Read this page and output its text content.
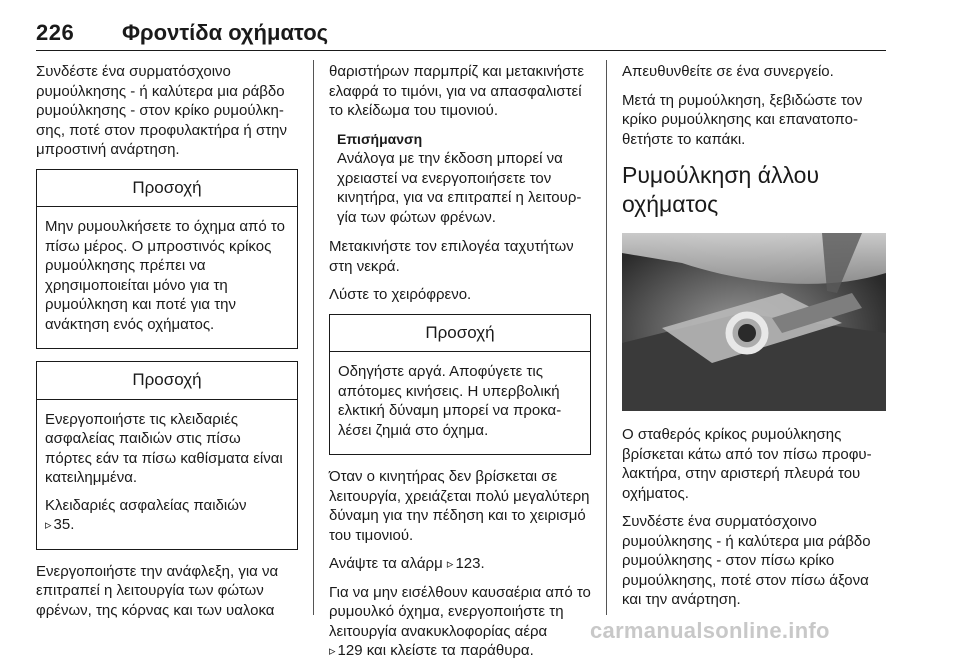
226 Φροντίδα οχήματος

Συνδέστε ένα συρματόσχοινο ρυμούλκησης - ή καλύτερα μια ράβδο ρυμούλκησης - στον κρίκο ρυμούλκησης, ποτέ στον προφυλακτήρα ή στην μπροστινή ανάρτηση.

Προσοχή

Μην ρυμουλκήσετε το όχημα από το πίσω μέρος. Ο μπροστινός κρίκος ρυμούλκησης πρέπει να χρησιμοποιείται μόνο για τη ρυμούλκηση και ποτέ για την ανάκτηση ενός οχήματος.

Προσοχή

Ενεργοποιήστε τις κλειδαριές ασφαλείας παιδιών στις πίσω πόρτες εάν τα πίσω καθίσματα είναι κατειλημμένα.

Κλειδαριές ασφαλείας παιδιών
▹ 35.

Ενεργοποιήστε την ανάφλεξη, για να επιτραπεί η λειτουργία των φώτων φρένων, της κόρνας και των υαλοκα

θαριστήρων παρμπρίζ και μετακινήστε ελαφρά το τιμόνι, για να απασφαλιστεί το κλείδωμα του τιμονιού.

Επισήμανση
Ανάλογα με την έκδοση μπορεί να χρειαστεί να ενεργοποιήσετε τον κινητήρα, για να επιτραπεί η λειτουργία των φώτων φρένων.

Μετακινήστε τον επιλογέα ταχυτήτων στη νεκρά.

Λύστε το χειρόφρενο.

Προσοχή

Οδηγήστε αργά. Αποφύγετε τις απότομες κινήσεις. Η υπερβολική ελκτική δύναμη μπορεί να προκαλέσει ζημιά στο όχημα.

Όταν ο κινητήρας δεν βρίσκεται σε λειτουργία, χρειάζεται πολύ μεγαλύτερη δύναμη για την πέδηση και το χειρισμό του τιμονιού.

Ανάψτε τα αλάρμ ▹ 123.

Για να μην εισέλθουν καυσαέρια από το ρυμουλκό όχημα, ενεργοποιήστε τη λειτουργία ανακυκλοφορίας αέρα
▹ 129 και κλείστε τα παράθυρα.

Απευθυνθείτε σε ένα συνεργείο.

Μετά τη ρυμούλκηση, ξεβιδώστε τον κρίκο ρυμούλκησης και επανατοποθετήστε το καπάκι.

Ρυμούλκηση άλλου οχήματος

Ο σταθερός κρίκος ρυμούλκησης βρίσκεται κάτω από τον πίσω προφυλακτήρα, στην αριστερή πλευρά του οχήματος.

Συνδέστε ένα συρματόσχοινο ρυμούλκησης - ή καλύτερα μια ράβδο ρυμούλκησης - στον πίσω κρίκο ρυμούλκησης, ποτέ στον πίσω άξονα και την ανάρτηση.

carmanualsonline.info
